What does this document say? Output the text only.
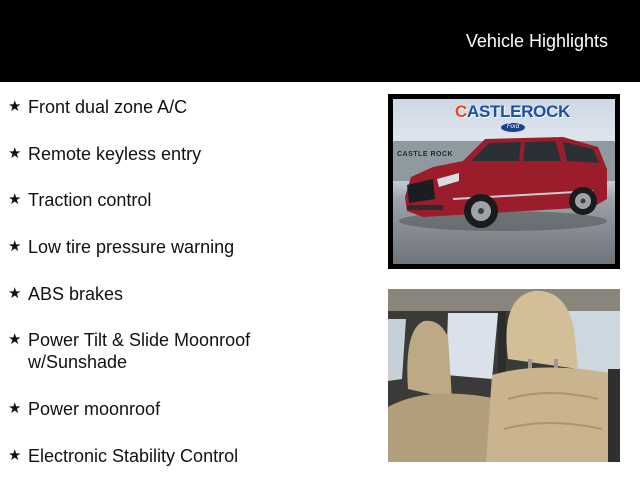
Vehicle Highlights
★ Front dual zone A/C
★ Remote keyless entry
★ Traction control
★ Low tire pressure warning
★ ABS brakes
★ Power Tilt & Slide Moonroof w/Sunshade
★ Power moonroof
★ Electronic Stability Control
CASTLE ROCK
CASTLEROCK
Ford
